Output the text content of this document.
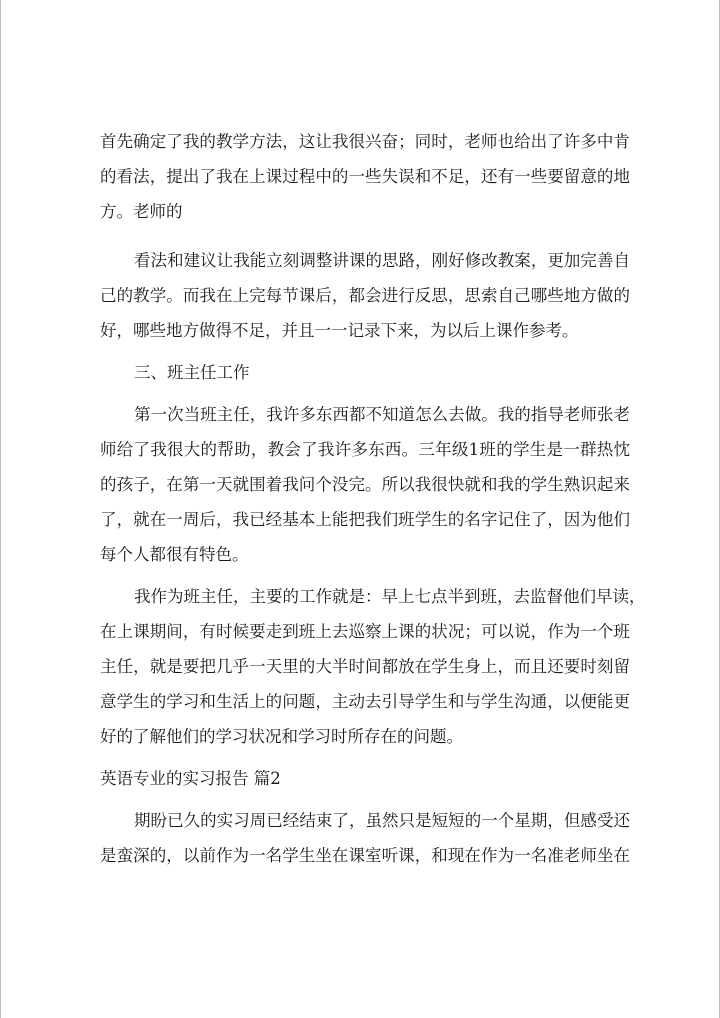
首先确定了我的教学方法，这让我很兴奋；同时，老师也给出了许多中肯

的看法，提出了我在上课过程中的一些失误和不足，还有一些要留意的地

方。老师的

看法和建议让我能立刻调整讲课的思路，刚好修改教案，更加完善自

己的教学。而我在上完每节课后，都会进行反思，思索自己哪些地方做的

好，哪些地方做得不足，并且一一记录下来，为以后上课作参考。

三、班主任工作

第一次当班主任，我许多东西都不知道怎么去做。我的指导老师张老

师给了我很大的帮助，教会了我许多东西。三年级1班的学生是一群热忱

的孩子，在第一天就围着我问个没完。所以我很快就和我的学生熟识起来

了，就在一周后，我已经基本上能把我们班学生的名字记住了，因为他们

每个人都很有特色。

我作为班主任，主要的工作就是：早上七点半到班，去监督他们早读，

在上课期间，有时候要走到班上去巡察上课的状况；可以说，作为一个班

主任，就是要把几乎一天里的大半时间都放在学生身上，而且还要时刻留

意学生的学习和生活上的问题，主动去引导学生和与学生沟通，以便能更

好的了解他们的学习状况和学习时所存在的问题。

英语专业的实习报告 篇2

期盼已久的实习周已经结束了，虽然只是短短的一个星期，但感受还

是蛮深的，以前作为一名学生坐在课室听课，和现在作为一名准老师坐在
